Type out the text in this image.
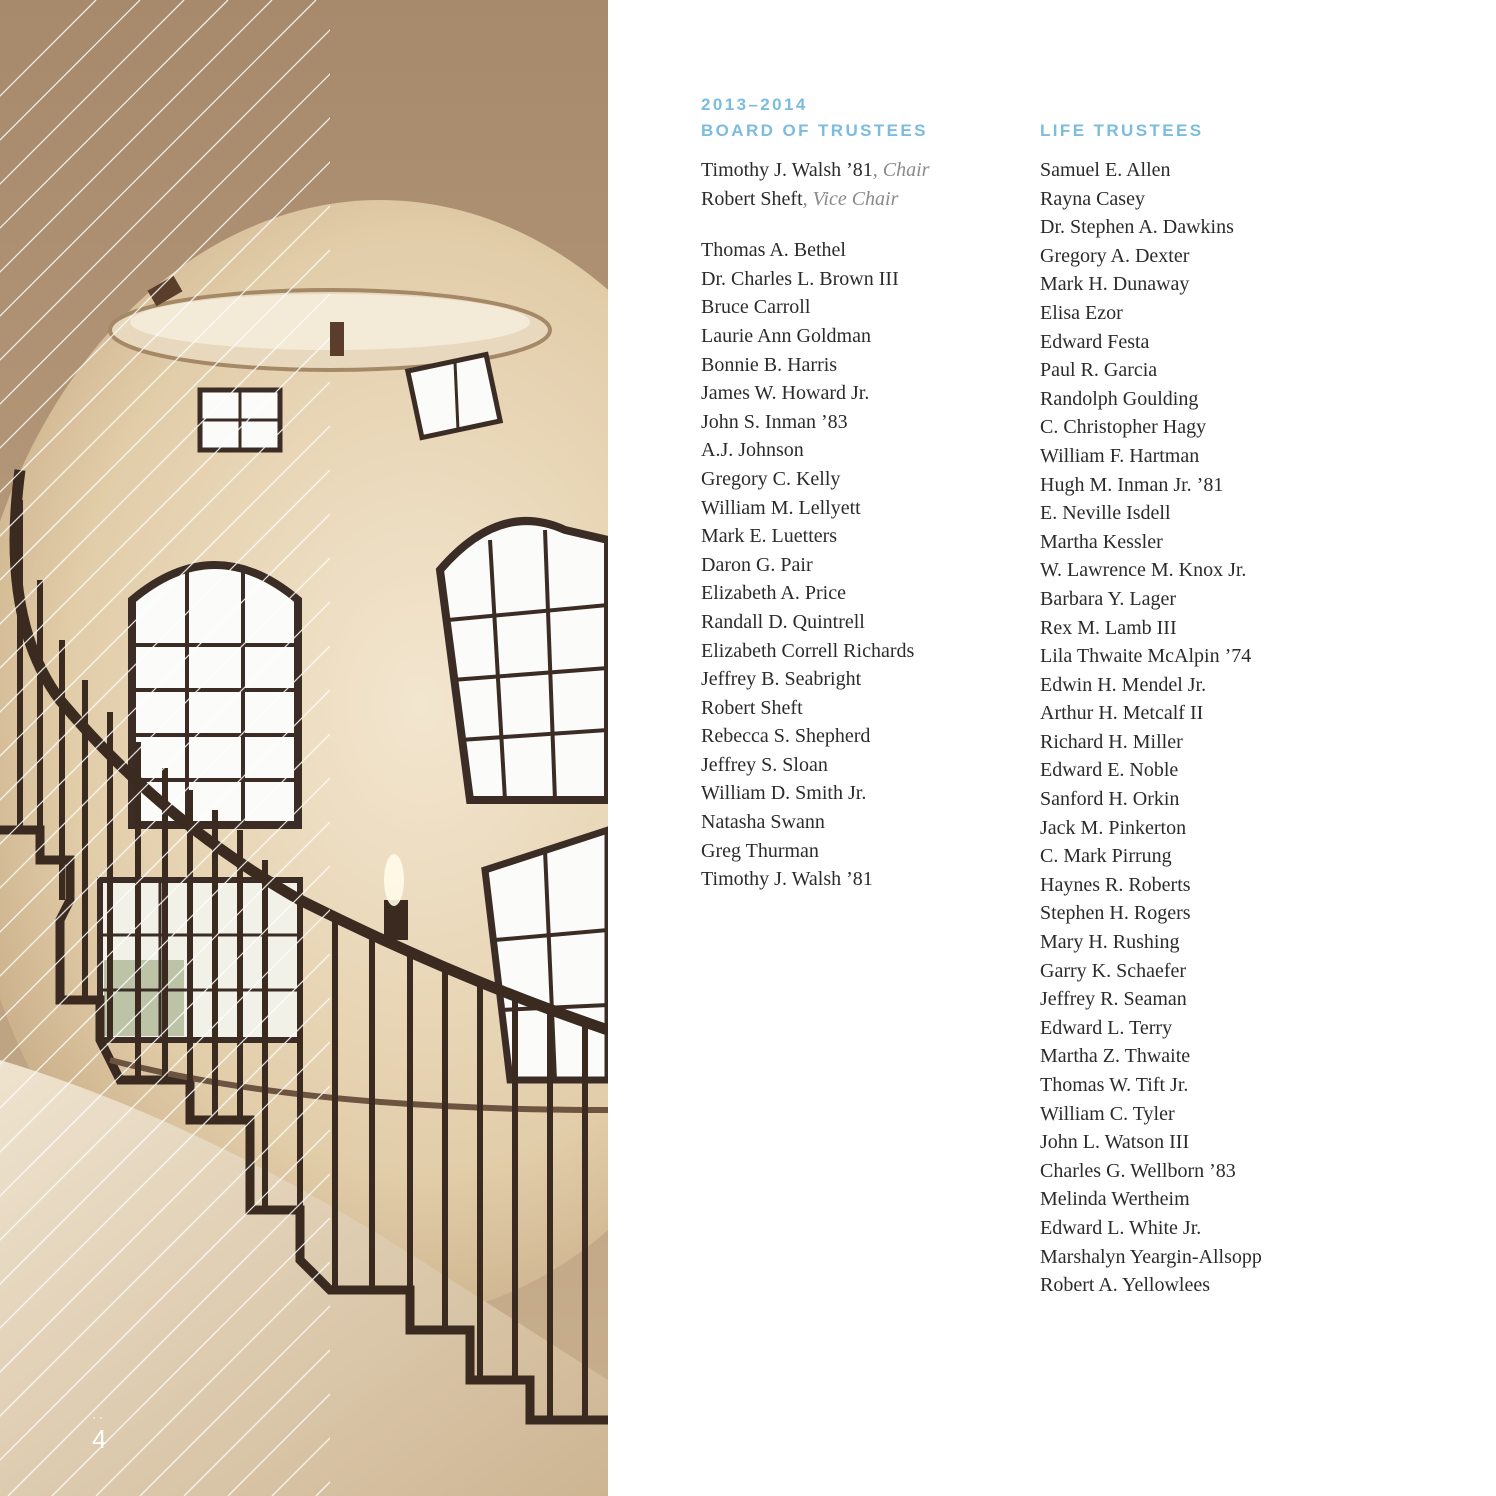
··
4
2013–2014
BOARD OF TRUSTEES
Timothy J. Walsh ’81, Chair
Robert Sheft, Vice Chair
Thomas A. Bethel
Dr. Charles L. Brown III
Bruce Carroll
Laurie Ann Goldman
Bonnie B. Harris
James W. Howard Jr.
John S. Inman ’83
A.J. Johnson
Gregory C. Kelly
William M. Lellyett
Mark E. Luetters
Daron G. Pair
Elizabeth A. Price
Randall D. Quintrell
Elizabeth Correll Richards
Jeffrey B. Seabright
Robert Sheft
Rebecca S. Shepherd
Jeffrey S. Sloan
William D. Smith Jr.
Natasha Swann
Greg Thurman
Timothy J. Walsh ’81

LIFE TRUSTEES
Samuel E. Allen
Rayna Casey
Dr. Stephen A. Dawkins
Gregory A. Dexter
Mark H. Dunaway
Elisa Ezor
Edward Festa
Paul R. Garcia
Randolph Goulding
C. Christopher Hagy
William F. Hartman
Hugh M. Inman Jr. ’81
E. Neville Isdell
Martha Kessler
W. Lawrence M. Knox Jr.
Barbara Y. Lager
Rex M. Lamb III
Lila Thwaite McAlpin ’74
Edwin H. Mendel Jr.
Arthur H. Metcalf II
Richard H. Miller
Edward E. Noble
Sanford H. Orkin
Jack M. Pinkerton
C. Mark Pirrung
Haynes R. Roberts
Stephen H. Rogers
Mary H. Rushing
Garry K. Schaefer
Jeffrey R. Seaman
Edward L. Terry
Martha Z. Thwaite
Thomas W. Tift Jr.
William C. Tyler
John L. Watson III
Charles G. Wellborn ’83
Melinda Wertheim
Edward L. White Jr.
Marshalyn Yeargin-Allsopp
Robert A. Yellowlees
